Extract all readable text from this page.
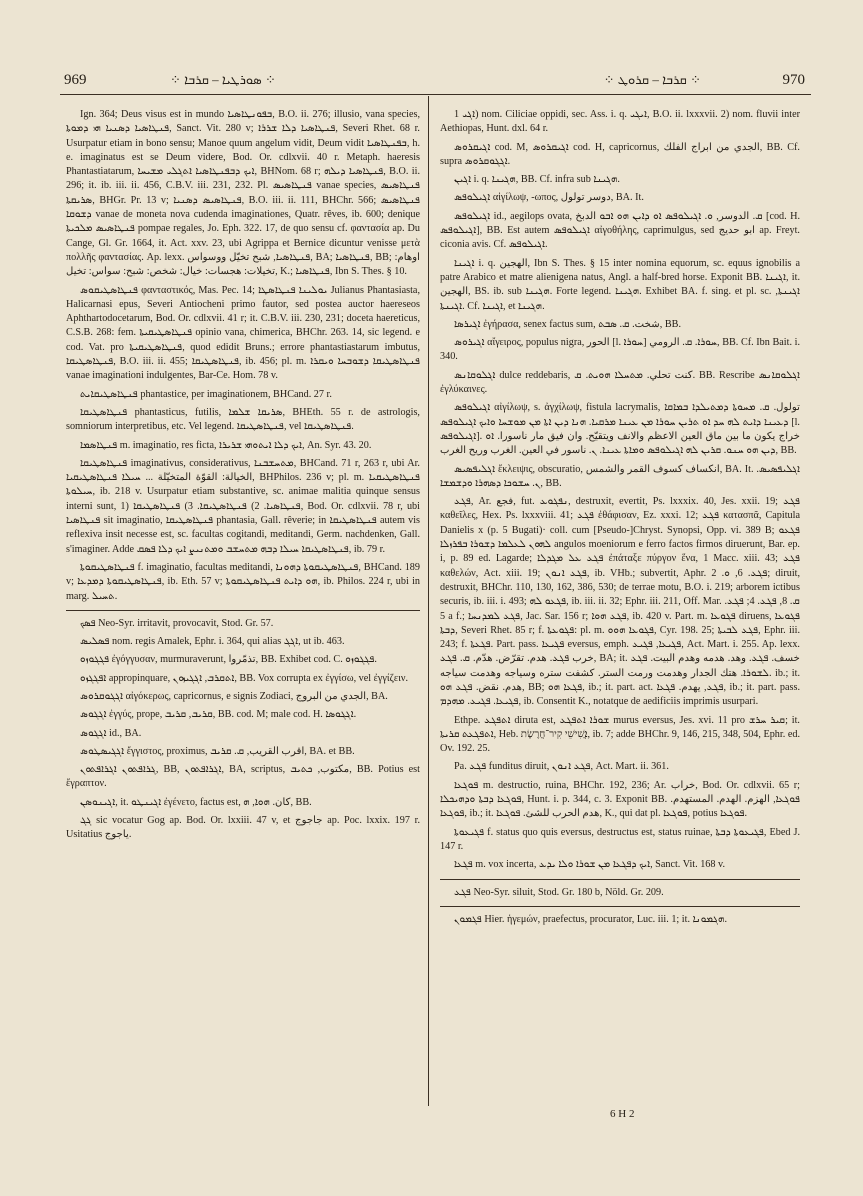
969	⁘ ܣܘܪܛܝܐ – ܩܪܒܐ ⁘	⁘ ܩܪܒܐ – ܩܪܘܛ ⁘	970

Ign. 364; Deus visus est in mundo ܒܦܘܢܛܐܣܝܐ, B.O. ii. 276; illusio, vana species, ܦܢܛܐܣܝܐ ܕܣܢܝܐ ܗܝ ܕܡܘܬܐ, Sanct. Vit. 280 v; ܦܢܛܐܣܝܐ ܕܠܐ ܫܪܪܐ, Severi Rhet. 68 r. Usurpatur etiam in bono sensu; Manoe quum angelum vidit, Deum vidit ܒܦܢܛܐܣܝܐ, h. e. imaginatus est se Deum videre, Bod. Or. cdlxvii. 40 r. Metaph. haeresis Phantastiatarum, ܐܝܟ ܕܒܦܢܛܐܣܝܐ ܐܬܓܠܝ ܡܫܝܚܐ, BHNom. 68 r; ܦܢܛܐܣܝܐ ܕܝܠܗ, B.O. ii. 296; it. ib. iii. ii. 456, C.B.V. iii. 231, 232. Pl. ܦܢܛܐܣܝܣ vanae species, ܦܢܛܐܣܝܣ ܣܪܝܩܬܐ, BHGr. Pr. 13 v; ܦܢܛܐܣܝܣ ܕܣܢܝܐ, B.O. iii. ii. 111, BHChr. 566; ܦܢܛܐܣܝܣ ܕܫܘܩܐ vanae de moneta nova cudenda imaginationes, Quatr. rêves, ib. 600; denique ܦܢܛܐܣܝܣ ܡܠܟܝܬܐ pompae regales, Jo. Eph. 322. 17, de quo sensu cf. φαντασία ap. Du Cange, Gl. Gr. 1664, it. Act. xxv. 23, ubi Agrippa et Bernice dicuntur venisse μετὰ πολλῆς φαντασίας. Ap. lexx. ܦܢܛܐܣܝܐ, شبح تخيّل ووسواس, BA; ܦܢܛܐܣܝܐ, BB; اوهام: تخيلات: هجسات: خيال: شخص: شبح: سواس: تخيل, K.; ܦܢܛܐܣܝܐ, Ibn S. Thes. § 10.

ܦܢܛܐܣܛܝܩܘܣ φανταστικός, Mas. Pec. 14; ܝܘܠܝܢܐ ܦܢܛܐܣܛܐ Julianus Phantasiasta, Halicarnasi epus, Severi Antiocheni primo fautor, sed postea auctor haereseos Aphthartodocetarum, Bod. Or. cdlxvii. 41 r; it. C.B.V. iii. 230, 231; doceta haereticus, C.S.B. 268: fem. ܦܢܛܐܣܛܝܩܝܬܐ opinio vana, chimerica, BHChr. 263. 14, sic legend. e cod. Vat. pro ܦܢܛܐܣܛܝܩܝܬܐ, quod edidit Bruns.; errore phantastiastarum imbutus, ܦܢܛܐܣܛܝܩܐ, B.O. iii. ii. 455; ܦܢܛܐܣܛܝܩܐ, ib. 456; pl. m. ܦܢܛܐܣܛܝܩܐ ܕܫܘܒܚܐ ܘܝܩܪܐ vanae imaginationi indulgentes, Bar-Ce. Hom. 78 v.

ܦܢܛܐܣܛܝܩܐܝܬ phantastice, per imaginationem, BHCand. 27 r.

ܦܢܛܐܣܛܝܩܐ phantasticus, futilis, ܣܪܝܩܐ ܫܠܡܐ, BHEth. 55 r. de astrologis, somniorum interpretibus, etc. Vel legend. ܦܢܛܐܣܛܝܩܐ, vel ܦܢܛܐܣܛܝܩܐ.

ܦܢܛܐܣܡܐ m. imaginatio, res ficta, ܐܝܟ ܕܠܐ ܐܝܬܘܗܝ ܫܪܝܪܐ, An. Syr. 43. 20.

ܦܢܛܐܣܛܝܩܐ imaginativus, considerativus, ܡܬܚܫܒܢܐ, BHCand. 71 r, 263 r, ubi Ar. الخيالة: القوّة المتخيّلة ... ܚܝܠܐ ܦܢܛܐܣܛܝܩܝܐ, BHPhilos. 236 v; pl. m. ܦܢܛܐܣܛܝܩܝܐ ܚܝܠܘܬܐ, ib. 218 v. Usurpatur etiam substantive, sc. animae malitia quinque sensus interni sunt, 1) ܦܢܛܐܣܝܐ. 2) ܦܢܛܐܣܛܝܩܐ. 3) ܦܢܛܐܣܛܝܩܐ, Bod. Or. cdlxvii. 78 r, ubi ܦܢܛܐܣܝܐ sit imaginatio, ܦܢܛܐܣܛܝܩܐ phantasia, Gall. rêverie; in ܦܢܛܐܣܛܝܩܐ autem vis reflexiva insit necesse est, sc. facultas cogitandi, meditandi, Germ. nachdenken, Gall. s'imaginer. Adde ܦܢܛܐܣܛܝܩܐ ܚܝܠܐ ܕܒܗ ܡܬܚܫܒ ܘܡܬܢܝܨ ܐܝܟ ܕܠܐ ܦܣܩ, ib. 79 r.

ܦܢܛܐܣܛܝܩܘܬܐ f. imaginatio, facultas meditandi, ܦܢܛܐܣܛܝܩܘܬܐ ܕܗܘܢܐ, BHCand. 189 v; ܦܢܛܐܣܛܝܩܘܬܐ ܕܡܕܥܐ, ib. Eth. 57 v; ܗܘ ܕܐܝܬ ܦܢܛܐܣܛܝܩܘܬܐ, ib. Philos. 224 r, ubi in marg. ܬܚܝܠ.

ܦܣܟ Neo-Syr. irritavit, provocavit, Stod. Gr. 57.

ܦܣܠܝܣ nom. regis Amalek, Ephr. i. 364, qui alias ܐܓܓ, ut ib. 463.

ܦܓܓܘܙܘ ἐγόγγυσαν, murmuraverunt, تذمّروا, BB. Exhibet cod. C. ܦܓܓܘܙܘ.

ܐܦܓܓܙܘ appropinquare, ܐܬܩܪܒ, ܐܓܓܝܙܘܢ, BB. Vox corrupta ex ἐγγίσω, vel ἐγγίζειν.

ܐܓܓܘܩܪܘܣ αἰγόκερως, capricornus, e signis Zodiaci, الجدي من البروج, BA.

ܐܓܓܘܣ ἐγγύς, prope, ܩܪܝܒ, ܩܪܝܒ, BB. cod. M; male cod. H. ܐܓܓܘܣܐ.

ܐܓܓܘܣ id., BA.

ܐܓܓܝܣܛܘܣ ἔγγιστος, proximus, اقرب القريب, ܩ. ܩܪܝܒ, BA. et BB.

ܓܪܐܦܬܘܢ ܐܓܪܐܦܬܘܢ, BB, ܐܓܪܐܦܬܘܢ, BA, scriptus, مكتوب, ܟܬܝܒ, BB. Potius est ἔγραπτον.

ܐܓܝܢܘܣܢ, it. ܐܓܝܢܛܘ ἐγένετο, factus est, كان. ܗܘܐ, ܗ, BB.

ܓܓ sic vocatur Gog ap. Bod. Or. lxxiii. 47 v, et جاجوج ap. Poc. lxxix. 197 r. Usitatius ياجوج.

ܐܓܝ 1) nom. Ciliciae oppidi, sec. Ass. i. q. ܐܝܓܝ, B.O. ii. lxxxvii. 2) nom. fluvii inter Aethiopas, Hunt. dxl. 64 r.

ܐܓܝܩܪܘܣ cod. M, ܐܓܝܩܪܘܣ cod. H, capricornus, الجدي من ابراج الفلك, BB. Cf. supra ܐܓܓܘܩܪܘܣ.

ܐܓܝܢ i. q. ܗܓܝܢܐ, BB. Cf. infra sub ܗܓܝܢܐ.

ܐܓܝܠܘܦܣ αἰγίλωψ, -ωπος, دوسر تولول, BA. It.

ܐܓܝܠܘܦܣ id., aegilops ovata, ܩ. الدوسر, ܘ. ܐܓܝܠܘܦܣ ܐܘ ܕܐܝܢ ܗܘ ܐܒܘ الدبخ [cod. H. ܐܓܝܠܘܦܣ], BB. Est autem ܐܓܝܠܘܦܣ αἰγοθήλης, caprimulgus, sed ابو حديج ap. Freyt. ciconia avis. Cf. ܐܓܝܠܘܦܣ.

ܐܓܝܢܐ i. q. الهجين, Ibn S. Thes. § 15 inter nomina equorum, sc. equus ignobilis a patre Arabico et matre alienigena natus, Angl. a half-bred horse. Exponit BB. ܐܓܝܢܐ, it. الهجين, BS. ib. sub ܗܓܝܢܐ. Forte legend. ܗܓܝܢܐ. Exhibet BA. f. sing. et pl. sc. ܐܓܝܢܬܐ, ܐܓܝܢܬܐ. Cf. ܐܓܝܢܐ, et ܗܓܝܢܐ.

ܐܓܝܪܣܐ ἐγήρασα, senex factus sum, شخت. ܩ. ܣܒܬ, BB.

ܐܓܝܪܘܣ αἴγειρος, populus nigra, الحور [l. ܚܘܪܐ] ܚܘܪܐ. ܩ. الرومي, BB. Cf. Ibn Bait. i. 340.

ܐܓܠܘܩܐܢܣ dulce reddebaris, كنت تحلي. ܡܬܚܠܐ ܗܘܝܬ. ܩ. BB. Rescribe ܐܓܠܘܩܐܢܣ ἐγλύκαινες.

ܐܓܝܠܘܦܣ αἰγίλωψ, s. ἀγχίλωψ, fistula lacrymalis, تولول. ܩ. ܡܚܘܬܐ ܕܡܬܝܠܕܐ ܒܡܐܩܐ ܕܥܝܢܐ ܕܐܝܬ ܠܗ ܚܕ ܐܘ ܬܪܝܢ ܚܘܪܐ ܡܢ ܥܝܢܐ ܡܪܩܝܐ. ܗܢܐ ܕܝܢ ܐܬܐ ܡܢ ܡܘܫܚܐ ܘܐܝܟ ܐܓܝܠܘܦܣ [l. ܐܓܝܠܘܦܣ]. خراج يكون ما بين ماق العين الاعظم والانف ويتقيّح. وان فيق مار ناسورا. ܐܘ ܕܝܢ ܗܘ ܚܢܘ. ܩܪܝܢ ܠܗ ܐܓܝܠܘܦܣ ܘܡܐܬܐ ܥܝܢܐ. ܢ. ناسور في العين. الغرب وريح الغرب, BB.

ܐܓܠܝܦܣܝܣ ἔκλειψις, obscuratio, انكساف كسوف القمر والشمس, BA. It. ܐܓܠܝܦܣܝܣ. ܢ. ܚܫܘܟܐ ܕܣܗܪܐ ܘܕܫܡܫܐ, BB.

ܦܓܥ, Ar. فجع, fut. ܢܦܓܘܥ, destruxit, evertit, Ps. lxxxix. 40, Jes. xxii. 19; ܦܓܥ καθεῖλες, Hex. Ps. lxxxviii. 41; ܦܓܥ ἐθάφισαν, Ez. xxxi. 12; ܦܓܥ κατασπᾶ, Capitula Danielis x (p. 5 Bugati)· coll. cum [Pseudo-]Chryst. Synopsi, Opp. vi. 389 B; ܦܓܥܘ ܠܗܘܢ ܠܥܠܡܐ ܕܫܘܪܐ ܒܦܪܙܠܐ angulos moeniorum e ferro factos firmos diruerunt, Bar. ep. i, p. 89 ed. Lagarde; ܦܓܥ ܥܠ ܡܓܕܠܐ ἐπάταξε πύργον ἕνα, 1 Macc. xiii. 43; ܦܓܥ καθελών, Act. xiii. 19; ܦܓܥ ܐܢܘܢ, ib. VHb.; subvertit, Aphr. ܦܓܥ. 6, ܘ. 2; diruit, destruxit, BHChr. 110, 130, 162, 386, 530; de terrae motu, B.O. i. 219; arborem ictibus securis, ib. iii. i. 493; ܦܓܥܘ ܠܗ, ib. iii. ii. 32; Ephr. iii. 211, Off. Mar. ܩ. 8, ܦܓܥ. 4; ܦܓܥ. 5 a f.; ܦܓܥ ܠܡܕܢܚܐ, Jac. Sar. 156 r; ܦܓܥ ܗܘܐ, ib. 420 v. Part. m. ܦܓܘܥܐ diruens, ܦܓܘܥܐ ܕܒܬܐ, Severi Rhet. 85 r; f. ܦܓܘܥܬܐ: pl. m. ܦܓܘܥܐ ܗܘܘ, Cyr. 198. 25; ܦܓܥ ܠܒܝܬܐ, Ephr. iii. 243; f. ܦܓܥܬܐ. Part. pass. ܦܓܝܥܐ eversus, emph. ܦܓܝܥܐ, ܦܓܝܥ, Act. Mart. i. 255. Ap. lexx. خرب ܦܓܥ. هدم. تقرّض. هدّم. ܩ. ܦܓܥ, BA; it. خسف. ܦܓܥ. وهد. هدمه وهدم البيت. ܦܓܥ ܠܫܘܪܐ. هتك الجدار وهدمت ورمت الستر. كشفت ستره وسياجه وهدمت سياجه. ib.; it. هدم. نقض. ܦܓܥ ܗܘ, BB; ܦܓܥܐ ܗܘ, ib.; it. part. act. ܦܓܥ, يهدم. ܦܓܥܐ, ib.; it. part. pass. ܦܓܝܥܐ. ܦܓܝܥ. ܡܗܕܡ, ib. Consentit K., notatque de aedificiis imprimis usurpari.

Ethpe. ܐܬܦܓܥ diruta est, ܫܘܪܐ ܐܬܦܓܥ murus eversus, Jes. xvi. 11 pro ܩܝܪ ܚܪܫ; it. ܐܬܦܓܥܬ ܩܪܝܬܐ, Heb. ܐֲשִׁישֵׁי קִיר־חֲרֶשֶׂת, ib. 7; adde BHChr. 9, 146, 215, 348, 504, Ephr. ed. Ov. 192. 25.

Pa. ܦܓܥ funditus diruit, ܦܓܥ ܐܢܘܢ, Act. Mart. ii. 361.

ܦܘܓܥܐ m. destructio, ruina, BHChr. 192, 236; Ar. خراب, Bod. Or. cdlxvii. 65 r; ܦܘܓܥܐ ܕܒܬܐ ܘܕܗܝܟܠܐ, Hunt. i. p. 344, c. 3. Exponit BB. ܦܘܓܥܐ, الهزم. الهدم. المستهدم. ܦܘܓܥܐ, ib.; it. هدم الحرب للشئ. ܦܘܓܥܐ, K., qui dat pl. ܦܘܓܥܐ, potius ܦܘܓܥܐ.

ܦܓܝܥܘܬܐ f. status quo quis eversus, destructus est, status ruinae, ܦܓܝܥܘܬܐ ܕܒܬܐ, Ebed J. 147 r.

ܦܓܥܐ m. vox incerta, ܐܝܟ ܕܦܓܥܐ ܡܢ ܫܘܪܐ ܘܠܐ ܝܕܥ, Sanct. Vit. 168 v.

ܦܓܥ Neo-Syr. siluit, Stod. Gr. 180 b, Nöld. Gr. 209.

ܦܓܡܘܢ Hier. ἡγεμών, praefectus, procurator, Luc. iii. 1; it. ܗܓܡܘܢܐ.

6 H 2
